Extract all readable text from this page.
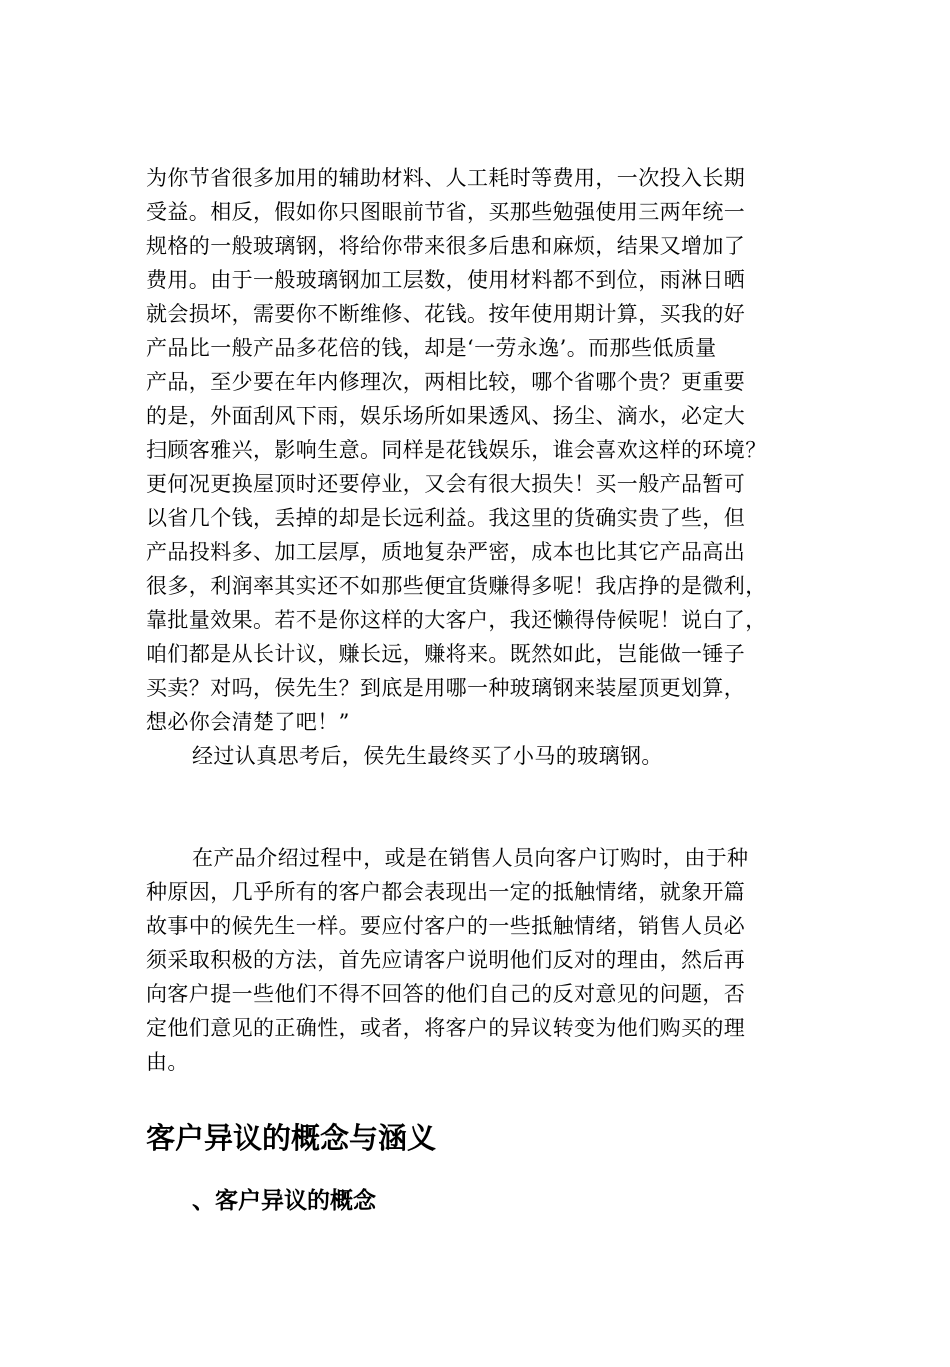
为你节省很多加用的辅助材料、人工耗时等费用，一次投入长期
受益。相反，假如你只图眼前节省，买那些勉强使用三两年统一
规格的一般玻璃钢，将给你带来很多后患和麻烦，结果又增加了
费用。由于一般玻璃钢加工层数，使用材料都不到位，雨淋日晒
就会损坏，需要你不断维修、花钱。按年使用期计算，买我的好
产品比一般产品多花倍的钱，却是‘一劳永逸’。而那些低质量
产品，至少要在年内修理次，两相比较，哪个省哪个贵？更重要
的是，外面刮风下雨，娱乐场所如果透风、扬尘、滴水，必定大
扫顾客雅兴，影响生意。同样是花钱娱乐，谁会喜欢这样的环境？
更何况更换屋顶时还要停业，又会有很大损失！买一般产品暂可
以省几个钱，丢掉的却是长远利益。我这里的货确实贵了些，但
产品投料多、加工层厚，质地复杂严密，成本也比其它产品高出
很多，利润率其实还不如那些便宜货赚得多呢！我店挣的是微利，
靠批量效果。若不是你这样的大客户，我还懒得侍候呢！说白了，
咱们都是从长计议，赚长远，赚将来。既然如此，岂能做一锤子
买卖？对吗，侯先生？到底是用哪一种玻璃钢来装屋顶更划算，
想必你会清楚了吧！”
经过认真思考后，侯先生最终买了小马的玻璃钢。
在产品介绍过程中，或是在销售人员向客户订购时，由于种
种原因，几乎所有的客户都会表现出一定的抵触情绪，就象开篇
故事中的候先生一样。要应付客户的一些抵触情绪，销售人员必
须采取积极的方法，首先应请客户说明他们反对的理由，然后再
向客户提一些他们不得不回答的他们自己的反对意见的问题，否
定他们意见的正确性，或者，将客户的异议转变为他们购买的理
由。
客户异议的概念与涵义
、客户异议的概念
